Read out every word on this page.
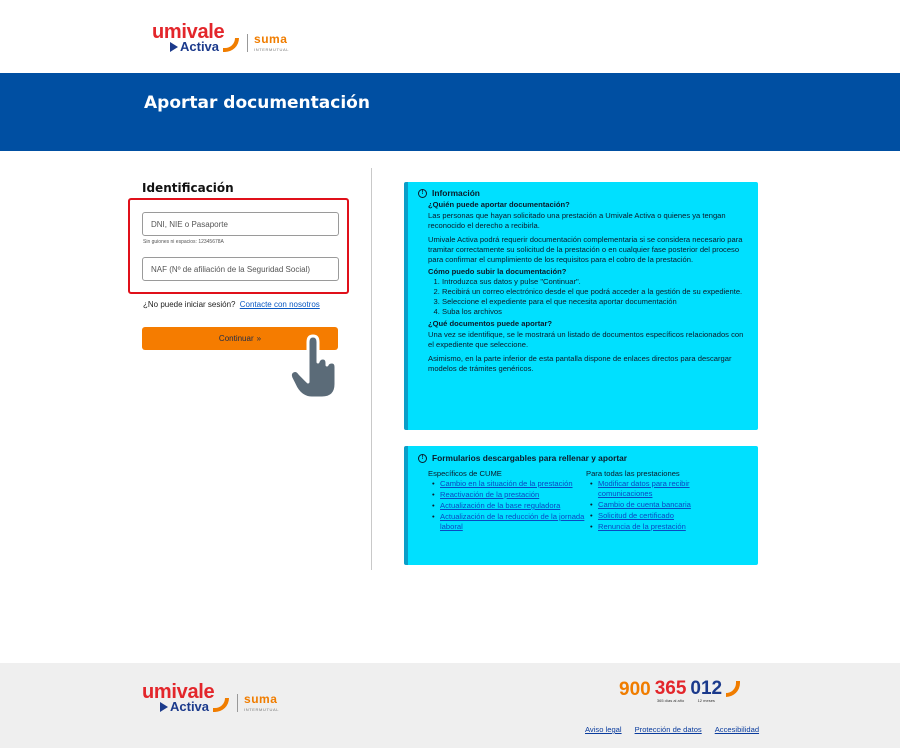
umivale
Activa	suma
INTERMUTUAL
Aportar documentación
Identificación
DNI, NIE o Pasaporte
Sin guiones ni espacios: 12345678A
NAF (Nº de afiliación de la Seguridad Social)
¿No puede iniciar sesión? Contacte con nosotros
Continuar »
!	Información

¿Quién puede aportar documentación?

Las personas que hayan solicitado una prestación a Umivale Activa o quienes ya tengan reconocido el derecho a recibirla.

Umivale Activa podrá requerir documentación complementaria si se considera necesario para tramitar correctamente su solicitud de la prestación o en cualquier fase posterior del proceso para confirmar el cumplimiento de los requisitos para el cobro de la prestación.

Cómo puedo subir la documentación?

1. Introduzca sus datos y pulse "Continuar".
2. Recibirá un correo electrónico desde el que podrá acceder a la gestión de su expediente.
3. Seleccione el expediente para el que necesita aportar documentación
4. Suba los archivos

¿Qué documentos puede aportar?

Una vez se identifique, se le mostrará un listado de documentos específicos relacionados con el expediente que seleccione.

Asimismo, en la parte inferior de esta pantalla dispone de enlaces directos para descargar modelos de trámites genéricos.

!	Formularios descargables para rellenar y aportar
Específicos de CUME
• Cambio en la situación de la prestación
• Reactivación de la prestación
• Actualización de la base reguladora
• Actualización de la reducción de la jornada laboral
Para todas las prestaciones
• Modificar datos para recibir comunicaciones
• Cambio de cuenta bancaria
• Solicitud de certificado
• Renuncia de la prestación
umivale
Activa	suma
INTERMUTUAL
900 365
365 días al año
012
12 meses
Aviso legal Protección de datos Accesibilidad
